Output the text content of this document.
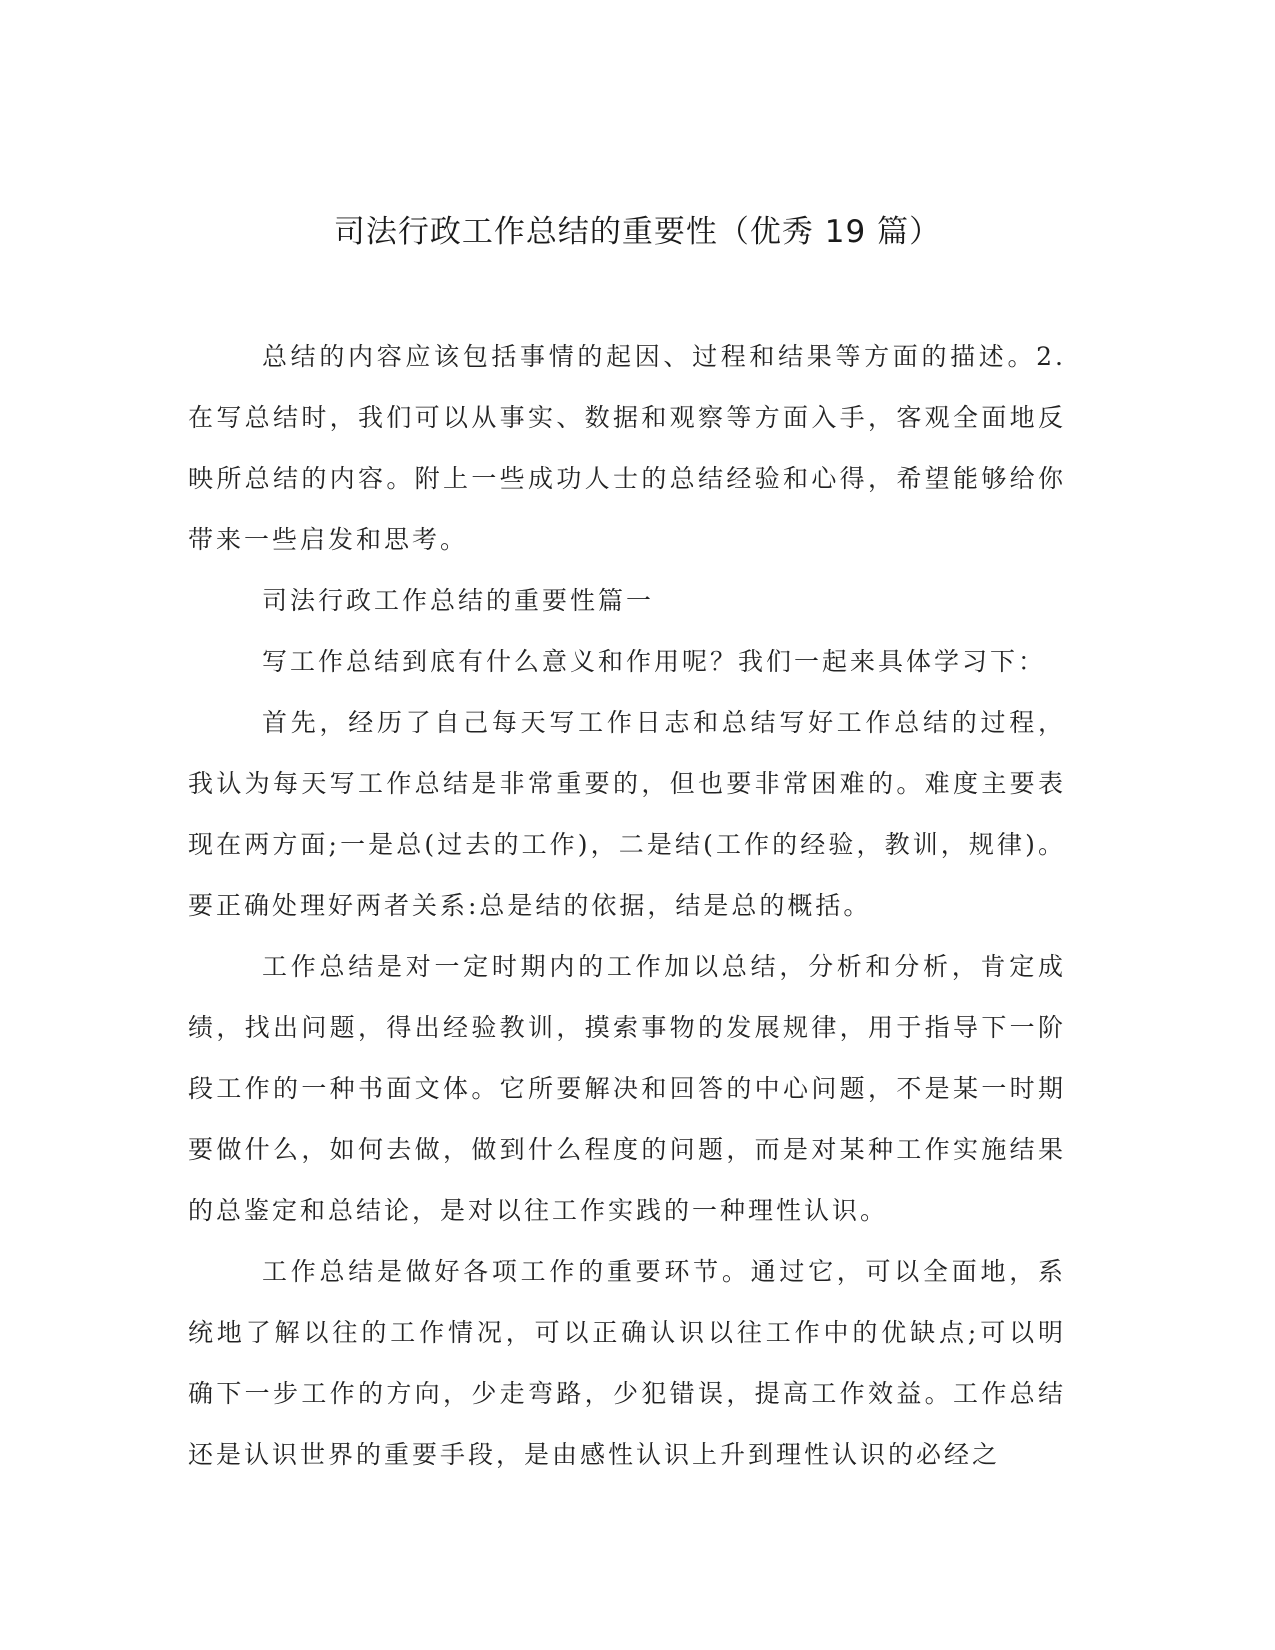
司法行政工作总结的重要性（优秀 19 篇）

总结的内容应该包括事情的起因、过程和结果等方面的描述。2.在写总结时，我们可以从事实、数据和观察等方面入手，客观全面地反映所总结的内容。附上一些成功人士的总结经验和心得，希望能够给你带来一些启发和思考。

司法行政工作总结的重要性篇一

写工作总结到底有什么意义和作用呢？我们一起来具体学习下：

首先，经历了自己每天写工作日志和总结写好工作总结的过程，我认为每天写工作总结是非常重要的，但也要非常困难的。难度主要表现在两方面;一是总(过去的工作)，二是结(工作的经验，教训，规律)。要正确处理好两者关系:总是结的依据，结是总的概括。

工作总结是对一定时期内的工作加以总结，分析和分析，肯定成绩，找出问题，得出经验教训，摸索事物的发展规律，用于指导下一阶段工作的一种书面文体。它所要解决和回答的中心问题，不是某一时期要做什么，如何去做，做到什么程度的问题，而是对某种工作实施结果的总鉴定和总结论，是对以往工作实践的一种理性认识。

工作总结是做好各项工作的重要环节。通过它，可以全面地，系统地了解以往的工作情况，可以正确认识以往工作中的优缺点;可以明确下一步工作的方向，少走弯路，少犯错误，提高工作效益。工作总结还是认识世界的重要手段，是由感性认识上升到理性认识的必经之
